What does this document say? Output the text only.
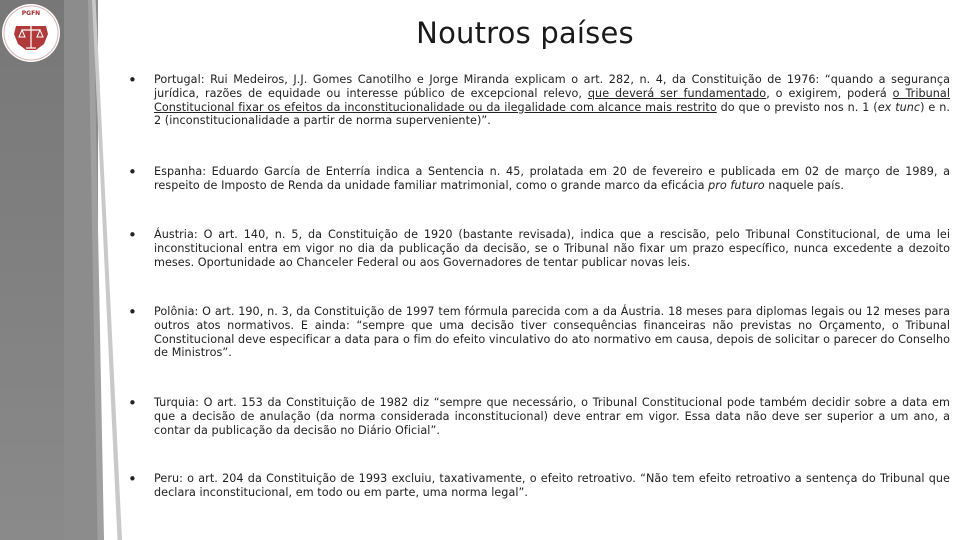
PGFN
Noutros países
• Portugal: Rui Medeiros, J.J. Gomes Canotilho e Jorge Miranda explicam o art. 282, n. 4, da Constituição de 1976: “quando a segurança jurídica, razões de equidade ou interesse público de excepcional relevo, que deverá ser fundamentado, o exigirem, poderá o Tribunal Constitucional fixar os efeitos da inconstitucionalidade ou da ilegalidade com alcance mais restrito do que o previsto nos n. 1 (ex tunc) e n. 2 (inconstitucionalidade a partir de norma superveniente)”.

• Espanha: Eduardo García de Enterría indica a Sentencia n. 45, prolatada em 20 de fevereiro e publicada em 02 de março de 1989, a respeito de Imposto de Renda da unidade familiar matrimonial, como o grande marco da eficácia pro futuro naquele país.

• Áustria: O art. 140, n. 5, da Constituição de 1920 (bastante revisada), indica que a rescisão, pelo Tribunal Constitucional, de uma lei inconstitucional entra em vigor no dia da publicação da decisão, se o Tribunal não fixar um prazo específico, nunca excedente a dezoito meses. Oportunidade ao Chanceler Federal ou aos Governadores de tentar publicar novas leis.

• Polônia: O art. 190, n. 3, da Constituição de 1997 tem fórmula parecida com a da Áustria. 18 meses para diplomas legais ou 12 meses para outros atos normativos. E ainda: “sempre que uma decisão tiver consequências financeiras não previstas no Orçamento, o Tribunal Constitucional deve especificar a data para o fim do efeito vinculativo do ato normativo em causa, depois de solicitar o parecer do Conselho de Ministros”.

• Turquia: O art. 153 da Constituição de 1982 diz “sempre que necessário, o Tribunal Constitucional pode também decidir sobre a data em que a decisão de anulação (da norma considerada inconstitucional) deve entrar em vigor. Essa data não deve ser superior a um ano, a contar da publicação da decisão no Diário Oficial”.

• Peru: o art. 204 da Constituição de 1993 excluiu, taxativamente, o efeito retroativo. “Não tem efeito retroativo a sentença do Tribunal que declara inconstitucional, em todo ou em parte, uma norma legal”.
